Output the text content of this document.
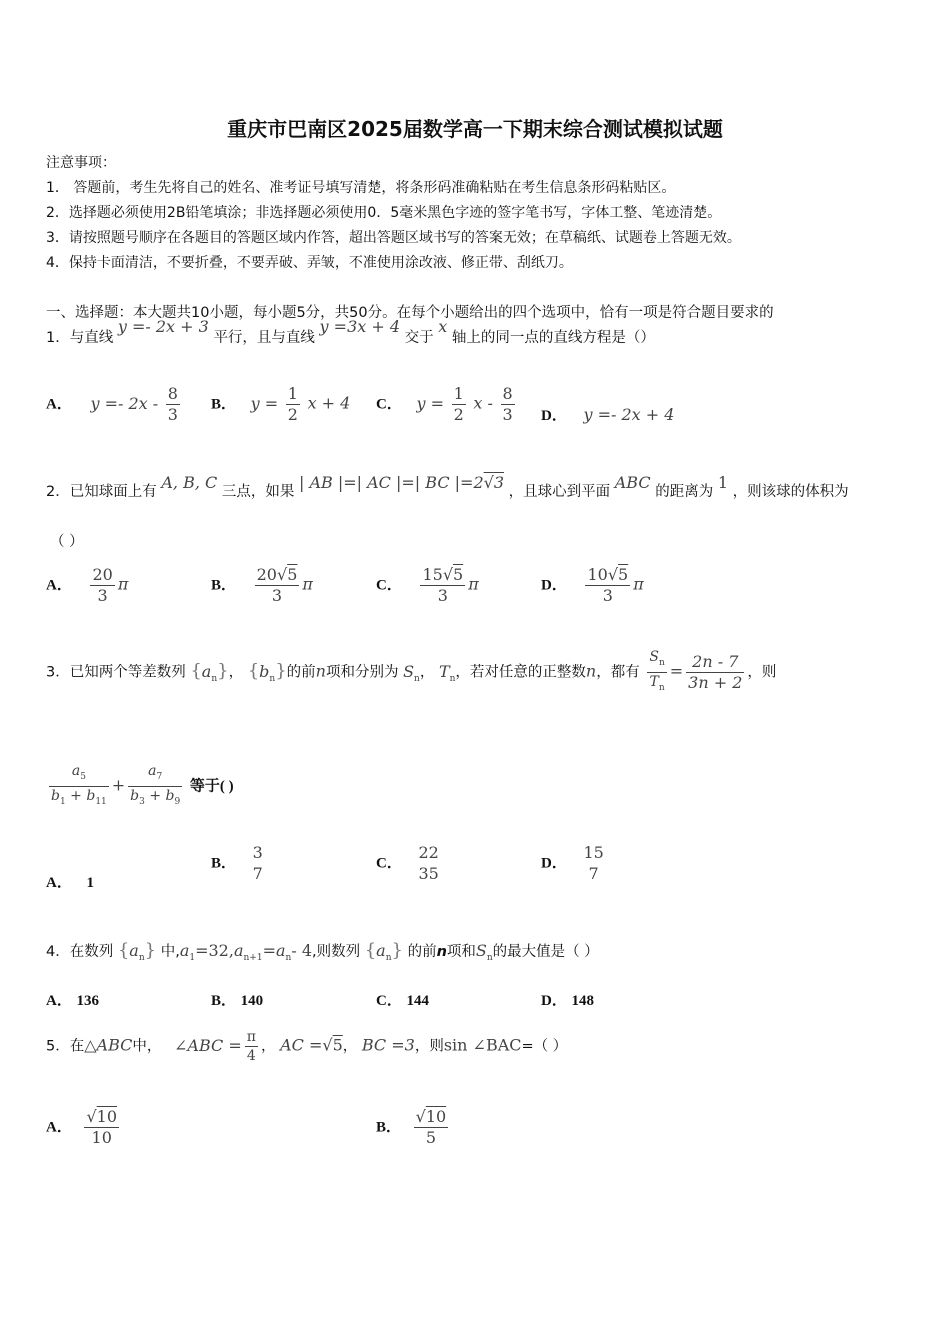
重庆市巴南区2025届数学高一下期末综合测试模拟试题
注意事项：
1． 答题前，考生先将自己的姓名、准考证号填写清楚，将条形码准确粘贴在考生信息条形码粘贴区。
2．选择题必须使用2B铅笔填涂；非选择题必须使用0．5毫米黑色字迹的签字笔书写，字体工整、笔迹清楚。
3．请按照题号顺序在各题目的答题区域内作答，超出答题区域书写的答案无效；在草稿纸、试题卷上答题无效。
4．保持卡面清洁，不要折叠，不要弄破、弄皱，不准使用涂改液、修正带、刮纸刀。
一、选择题：本大题共10小题，每小题5分，共50分。在每个小题给出的四个选项中，恰有一项是符合题目要求的
1．与直线 y =- 2x + 3 平行，且与直线 y =3x + 4 交于 x 轴上的同一点的直线方程是（）
A． $y =- 2x - \frac{8}{3}$ B． $y = \frac{1}{2}$ x + 4 C． $y = \frac{1}{2}$ x - $\frac{8}{3}$ D． y =- 2x + 4
2．已知球面上有 A, B, C 三点，如果 | AB |=| AC |=| BC |=2√3 ，且球心到平面 ABC 的距离为 1 ，则该球的体积为
（ ）
A． $\frac{20}{3}$ π	B． $\frac{20√5}{3}$ π	C． $\frac{15√5}{3}$ π	D． $\frac{10√5}{3}$ π
3．已知两个等差数列 $\{a_n\}$， $\{b_n\}$的前n项和分别为 $S_n$， $T_n$，若对任意的正整数n，都有 $\frac{S_n}{T_n} = \frac{2n - 7}{3n + 2}$ ，则
$\frac{a_5}{b_1 + b_{11}} + \frac{a_7}{b_3 + b_9}$ 等于( )
A． 1
B．
3
7
C．
22
35
D．
15
7
4．在数列 $\{a_n\}$ 中$,a_1=32,a_{n+1}=a_n-$ 4,则数列 $\{a_n\}$ 的前n项和$S_n$的最大值是（ ）
A． 136	B． 140	C． 144	D． 148
5．在△ABC中， ∠ABC = $\frac{\pi}{4}$ ， AC =√5， BC =3，则sin ∠BAC=（ ）
A． $\frac{√10}{10}$	B． $\frac{√10}{5}$
